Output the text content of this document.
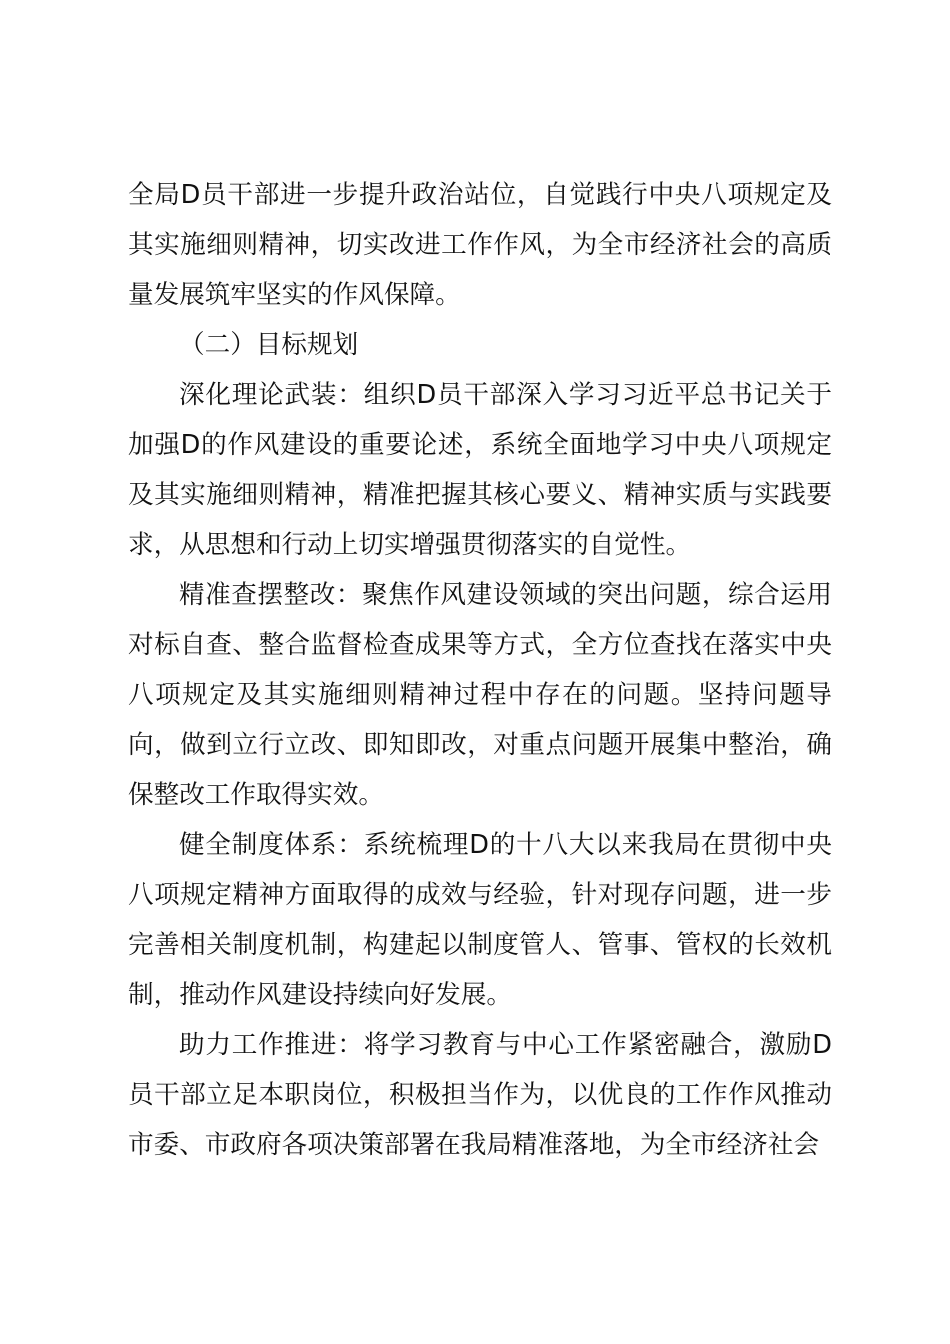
全局D员干部进一步提升政治站位，自觉践行中央八项规定及其实施细则精神，切实改进工作作风，为全市经济社会的高质量发展筑牢坚实的作风保障。

（二）目标规划

深化理论武装：组织D员干部深入学习习近平总书记关于加强D的作风建设的重要论述，系统全面地学习中央八项规定及其实施细则精神，精准把握其核心要义、精神实质与实践要求，从思想和行动上切实增强贯彻落实的自觉性。

精准查摆整改：聚焦作风建设领域的突出问题，综合运用对标自查、整合监督检查成果等方式，全方位查找在落实中央八项规定及其实施细则精神过程中存在的问题。坚持问题导向，做到立行立改、即知即改，对重点问题开展集中整治，确保整改工作取得实效。

健全制度体系：系统梳理D的十八大以来我局在贯彻中央八项规定精神方面取得的成效与经验，针对现存问题，进一步完善相关制度机制，构建起以制度管人、管事、管权的长效机制，推动作风建设持续向好发展。

助力工作推进：将学习教育与中心工作紧密融合，激励D员干部立足本职岗位，积极担当作为，以优良的工作作风推动市委、市政府各项决策部署在我局精准落地，为全市经济社会
